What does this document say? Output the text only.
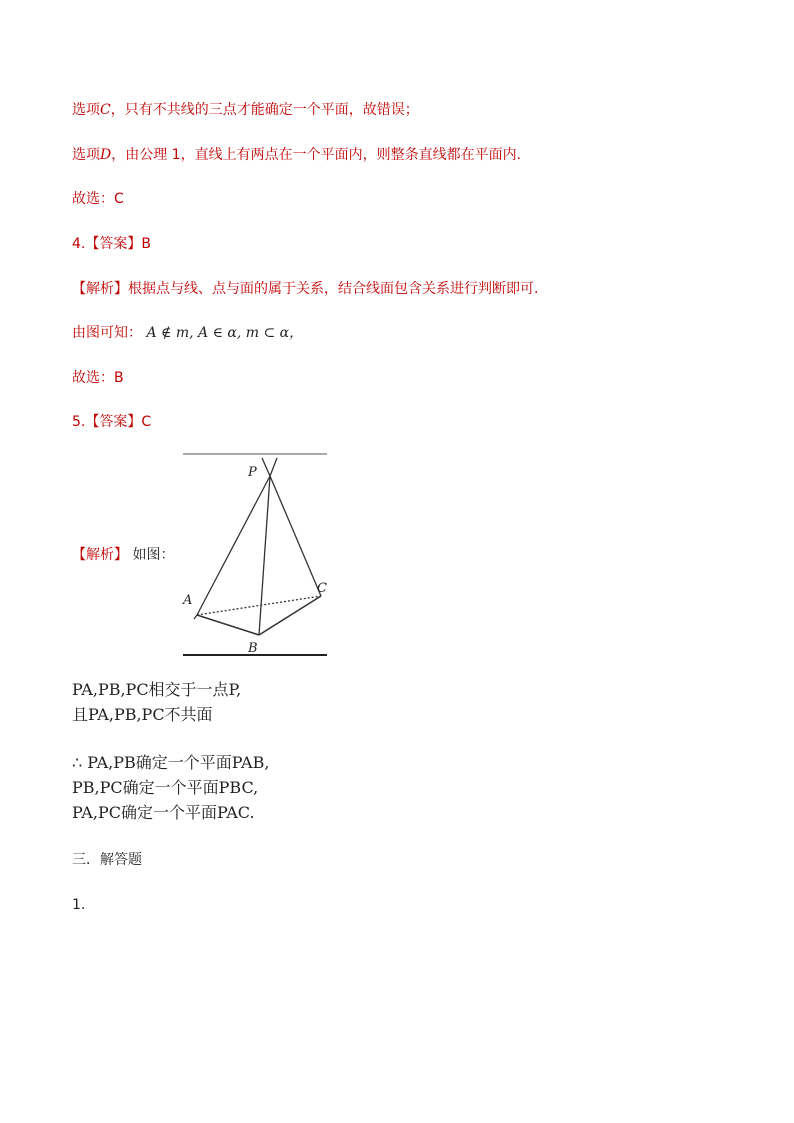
选项C，只有不共线的三点才能确定一个平面，故错误；
选项D，由公理 1，直线上有两点在一个平面内，则整条直线都在平面内.
故选：C
4.【答案】B
【解析】根据点与线、点与面的属于关系，结合线面包含关系进行判断即可.
由图可知： A ∉ m, A ∈ α, m ⊂ α，
故选：B
5.【答案】C
【解析】 如图：
P
A
B
C
PA,PB,PC相交于一点P,
且PA,PB,PC不共面
∴ PA,PB确定一个平面PAB,
PB,PC确定一个平面PBC,
PA,PC确定一个平面PAC.
三．解答题
1.
